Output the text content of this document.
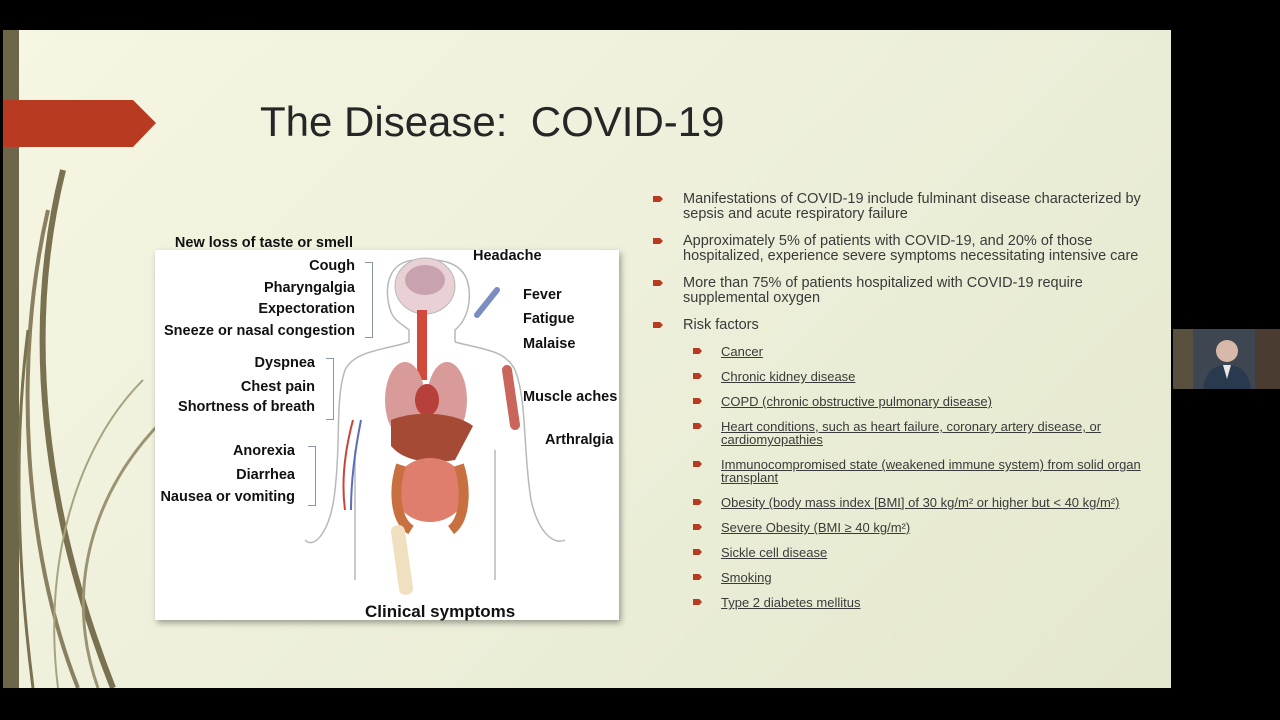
The Disease:  COVID-19
Clinical symptoms
New loss of taste or smell
Cough
Pharyngalgia
Expectoration
Sneeze or nasal congestion
Dyspnea
Chest pain
Shortness of breath
Anorexia
Diarrhea
Nausea or vomiting
Headache
Fever
Fatigue
Malaise
Muscle aches
Arthralgia
Manifestations of COVID-19 include fulminant disease characterized by sepsis and acute respiratory failure
Approximately 5% of patients with COVID-19, and 20% of those hospitalized, experience severe symptoms necessitating intensive care
More than 75% of patients hospitalized with COVID-19 require supplemental oxygen
Risk factors
Cancer
Chronic kidney disease
COPD (chronic obstructive pulmonary disease)
Heart conditions, such as heart failure, coronary artery disease, or cardiomyopathies
Immunocompromised state (weakened immune system) from solid organ transplant
Obesity (body mass index [BMI] of 30 kg/m² or higher but < 40 kg/m²)
Severe Obesity (BMI ≥ 40 kg/m²)
Sickle cell disease
Smoking
Type 2 diabetes mellitus
